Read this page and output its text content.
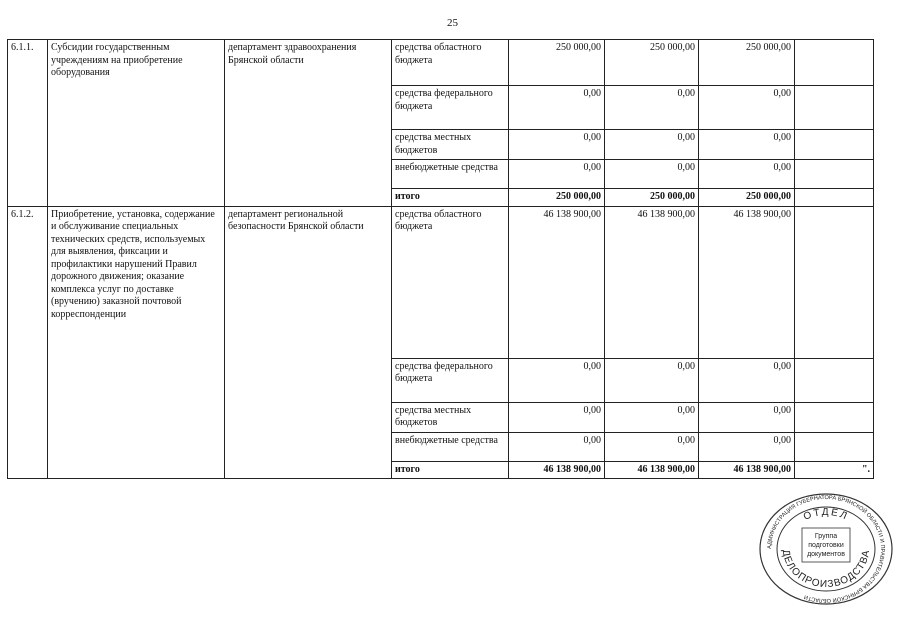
25
6.1.1.	Субсидии государственным учреждениям на приобретение оборудования	департамент здравоохранения Брянской области	средства областного бюджета	250 000,00	250 000,00	250 000,00	
			средства федерального бюджета	0,00	0,00	0,00	
			средства местных бюджетов	0,00	0,00	0,00	
			внебюджетные средства	0,00	0,00	0,00	
			итого	250 000,00	250 000,00	250 000,00	
6.1.2.	Приобретение, установка, содержание и обслуживание специальных технических средств, используемых для выявления, фиксации и профилактики нарушений Правил дорожного движения; оказание комплекса услуг по доставке (вручению) заказной почтовой корреспонденции	департамент региональной безопасности Брянской области	средства областного бюджета	46 138 900,00	46 138 900,00	46 138 900,00	
			средства федерального бюджета	0,00	0,00	0,00	
			средства местных бюджетов	0,00	0,00	0,00	
			внебюджетные средства	0,00	0,00	0,00	
			итого	46 138 900,00	46 138 900,00	46 138 900,00	".
АДМИНИСТРАЦИЯ ГУБЕРНАТОРА БРЯНСКОЙ ОБЛАСТИ И ПРАВИТЕЛЬСТВА БРЯНСКОЙ ОБЛАСТИ
ОТДЕЛ
ДЕЛОПРОИЗВОДСТВА
Группа
подготовки
документов
